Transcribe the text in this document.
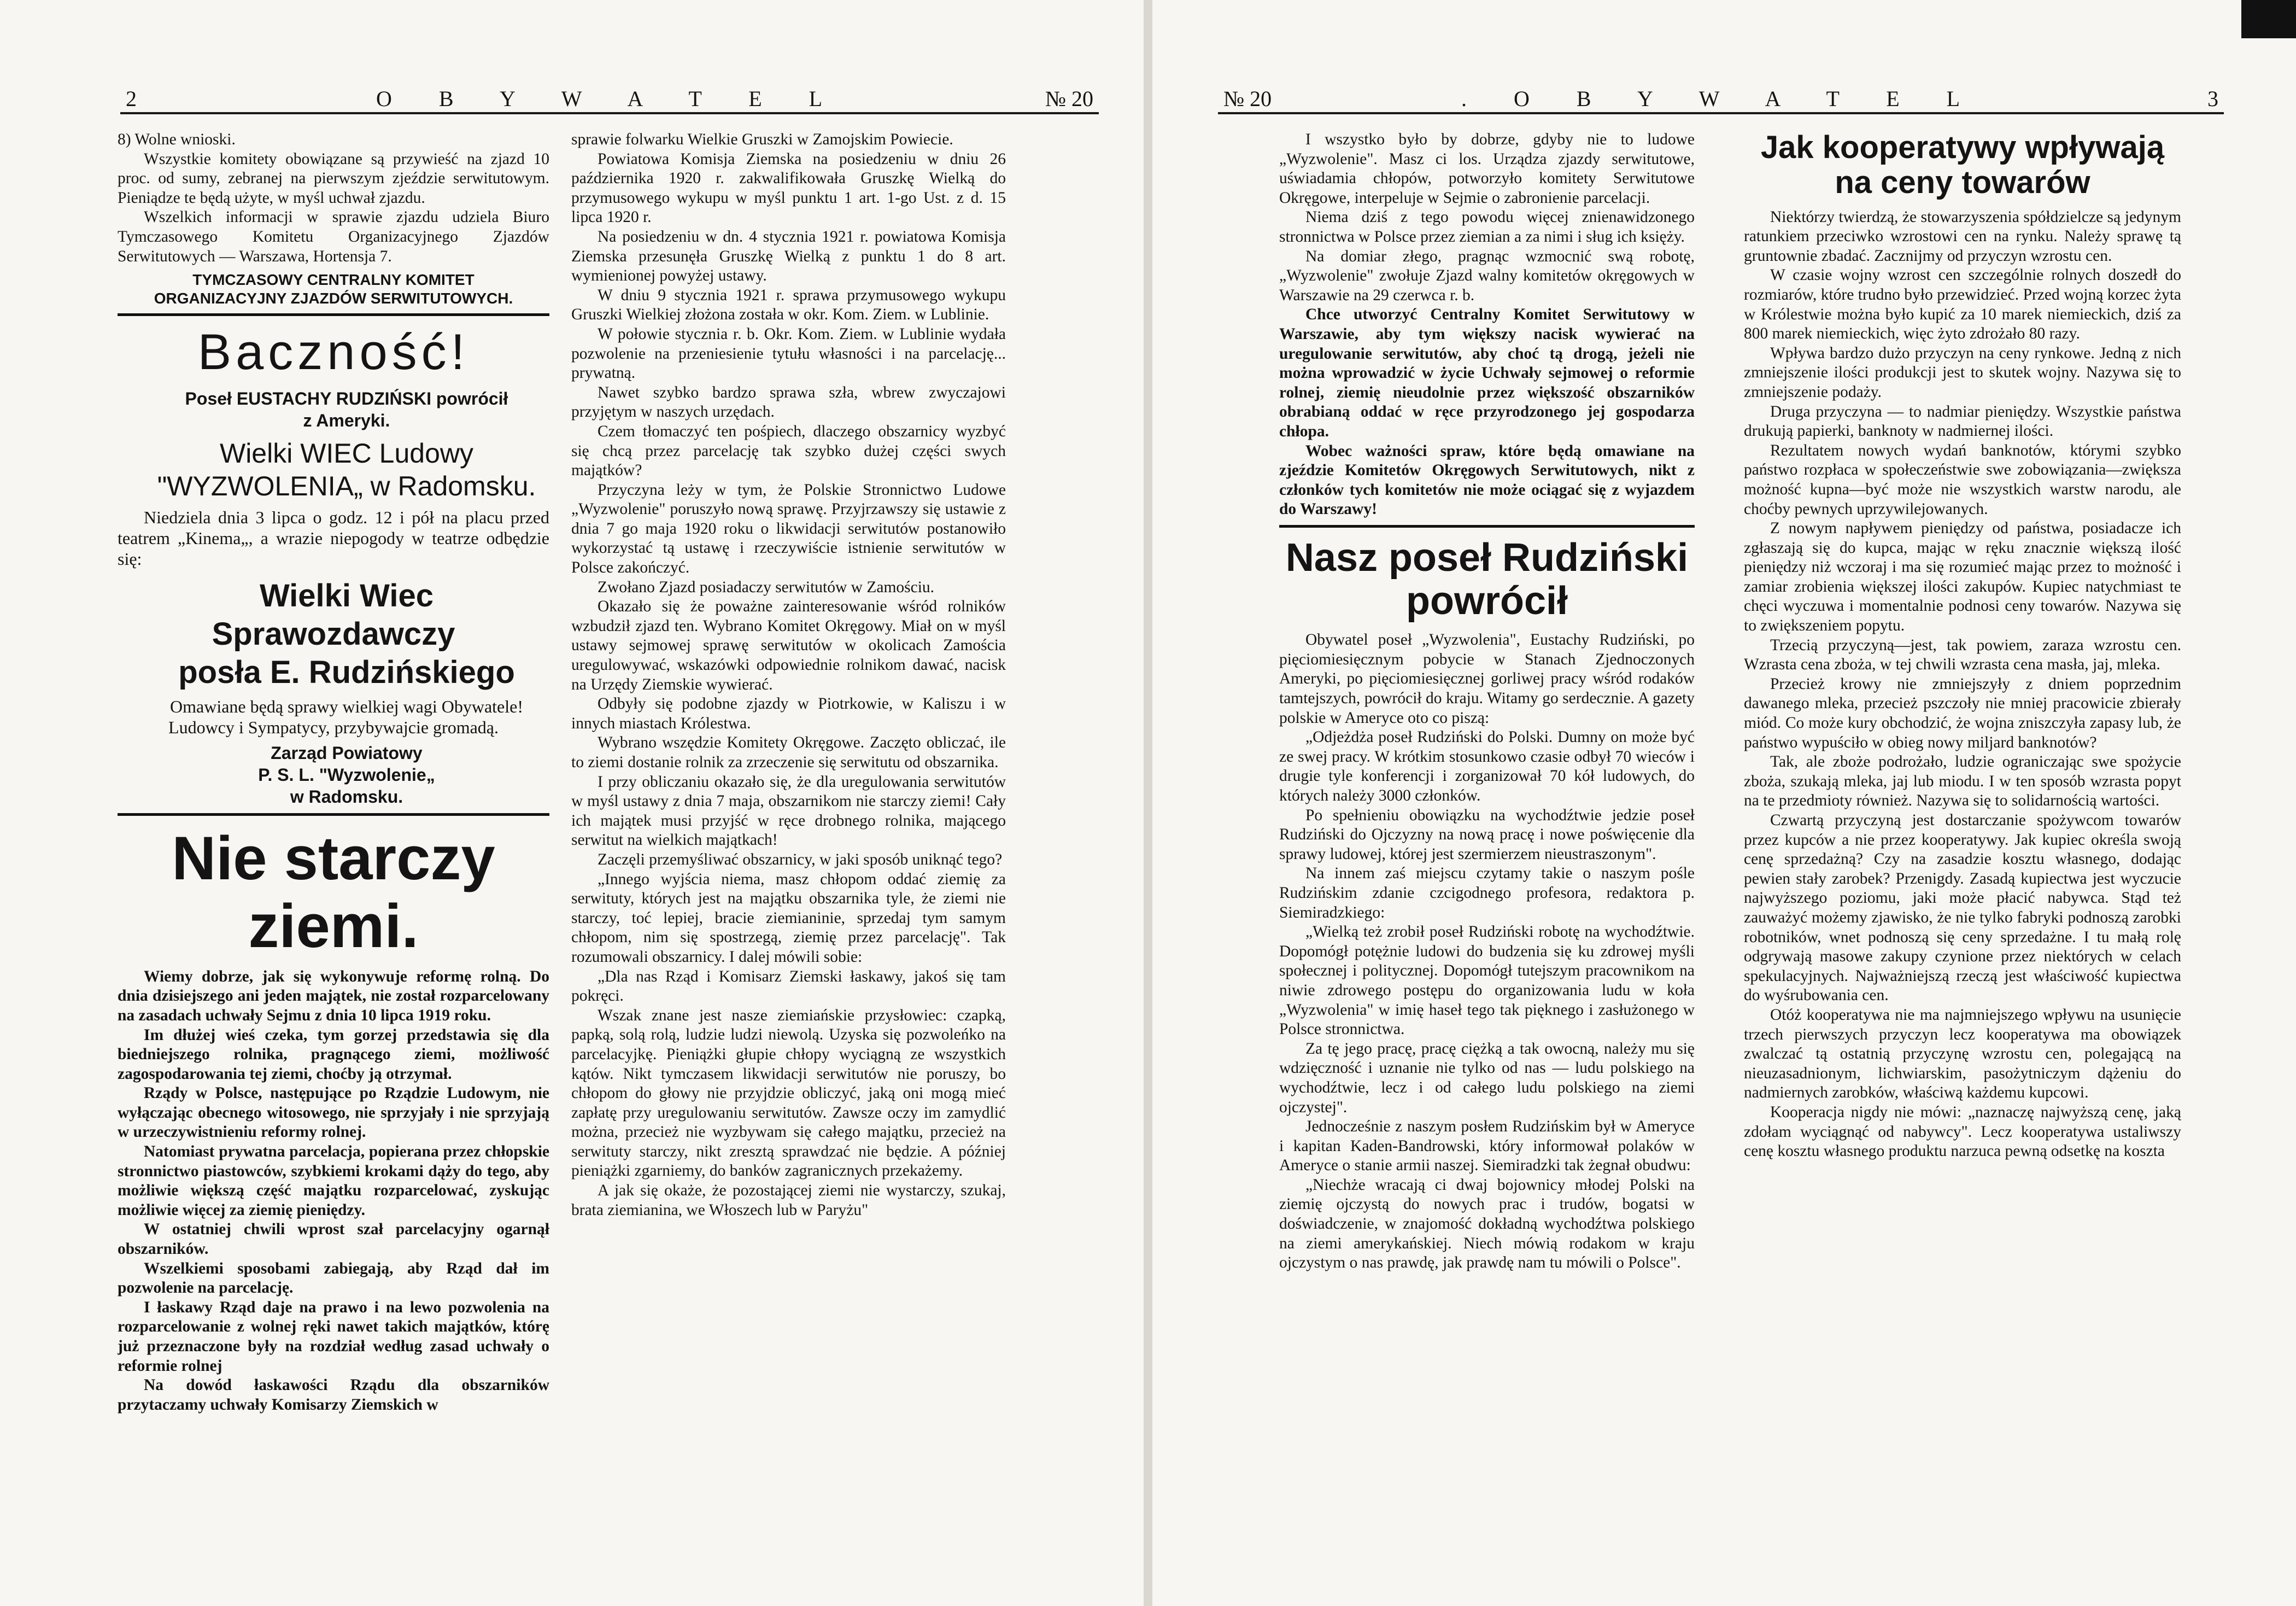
2	O B Y W A T E L	№ 20

8) Wolne wnioski.

Wszystkie komitety obowiązane są przywieść na zjazd 10 proc. od sumy, zebranej na pierwszym zjeździe serwitutowym. Pieniądze te będą użyte, w myśl uchwał zjazdu.

Wszelkich informacji w sprawie zjazdu udziela Biuro Tymczasowego Komitetu Organizacyjnego Zjazdów Serwitutowych — Warszawa, Hortensja 7.

TYMCZASOWY CENTRALNY KOMITET
ORGANIZACYJNY ZJAZDÓW SERWITUTOWYCH.
Baczność!

Poseł EUSTACHY RUDZIŃSKI powrócił

z Ameryki.

Wielki WIEC Ludowy

"WYZWOLENIA„ w Radomsku.

Niedziela dnia 3 lipca o godz. 12 i pół na placu przed teatrem „Kinema„, a wrazie niepogody w teatrze odbędzie się:

Wielki Wiec Sprawozdawczy

posła E. Rudzińskiego

Omawiane będą sprawy wielkiej wagi Obywatele! Ludowcy i Sympatycy, przybywajcie gromadą.

Zarząd Powiatowy

P. S. L. "Wyzwolenie„

w Radomsku.

Nie starczy ziemi.

Wiemy dobrze, jak się wykonywuje reformę rolną. Do dnia dzisiejszego ani jeden majątek, nie został rozparcelowany na zasadach uchwały Sejmu z dnia 10 lipca 1919 roku.

Im dłużej wieś czeka, tym gorzej przedstawia się dla biedniejszego rolnika, pragnącego ziemi, możliwość zagospodarowania tej ziemi, choćby ją otrzymał.

Rządy w Polsce, następujące po Rządzie Ludowym, nie wyłączając obecnego witosowego, nie sprzyjały i nie sprzyjają w urzeczywistnieniu reformy rolnej.

Natomiast prywatna parcelacja, popierana przez chłopskie stronnictwo piastowców, szybkiemi krokami dąży do tego, aby możliwie większą część majątku rozparcelować, zyskując możliwie więcej za ziemię pieniędzy.

W ostatniej chwili wprost szał parcelacyjny ogarnął obszarników.

Wszelkiemi sposobami zabiegają, aby Rząd dał im pozwolenie na parcelację.

I łaskawy Rząd daje na prawo i na lewo pozwolenia na rozparcelowanie z wolnej ręki nawet takich majątków, którę już przeznaczone były na rozdział według zasad uchwały o reformie rolnej

Na dowód łaskawości Rządu dla obszarników przytaczamy uchwały Komisarzy Ziemskich w

sprawie folwarku Wielkie Gruszki w Zamojskim Powiecie.

Powiatowa Komisja Ziemska na posiedzeniu w dniu 26 października 1920 r. zakwalifikowała Gruszkę Wielką do przymusowego wykupu w myśl punktu 1 art. 1-go Ust. z d. 15 lipca 1920 r.

Na posiedzeniu w dn. 4 stycznia 1921 r. powiatowa Komisja Ziemska przesunęła Gruszkę Wielką z punktu 1 do 8 art. wymienionej powyżej ustawy.

W dniu 9 stycznia 1921 r. sprawa przymusowego wykupu Gruszki Wielkiej złożona została w okr. Kom. Ziem. w Lublinie.

W połowie stycznia r. b. Okr. Kom. Ziem. w Lublinie wydała pozwolenie na przeniesienie tytułu własności i na parcelację... prywatną.

Nawet szybko bardzo sprawa szła, wbrew zwyczajowi przyjętym w naszych urzędach.

Czem tłomaczyć ten pośpiech, dlaczego obszarnicy wyzbyć się chcą przez parcelację tak szybko dużej części swych majątków?

Przyczyna leży w tym, że Polskie Stronnictwo Ludowe „Wyzwolenie" poruszyło nową sprawę. Przyjrzawszy się ustawie z dnia 7 go maja 1920 roku o likwidacji serwitutów postanowiło wykorzystać tą ustawę i rzeczywiście istnienie serwitutów w Polsce zakończyć.

Zwołano Zjazd posiadaczy serwitutów w Zamościu.

Okazało się że poważne zainteresowanie wśród rolników wzbudził zjazd ten. Wybrano Komitet Okręgowy. Miał on w myśl ustawy sejmowej sprawę serwitutów w okolicach Zamościa uregulowywać, wskazówki odpowiednie rolnikom dawać, nacisk na Urzędy Ziemskie wywierać.

Odbyły się podobne zjazdy w Piotrkowie, w Kaliszu i w innych miastach Królestwa.

Wybrano wszędzie Komitety Okręgowe. Zaczęto obliczać, ile to ziemi dostanie rolnik za zrzeczenie się serwitutu od obszarnika.

I przy obliczaniu okazało się, że dla uregulowania serwitutów w myśl ustawy z dnia 7 maja, obszarnikom nie starczy ziemi! Cały ich majątek musi przyjść w ręce drobnego rolnika, mającego serwitut na wielkich majątkach!

Zaczęli przemyśliwać obszarnicy, w jaki sposób uniknąć tego?

„Innego wyjścia niema, masz chłopom oddać ziemię za serwituty, których jest na majątku obszarnika tyle, że ziemi nie starczy, toć lepiej, bracie ziemianinie, sprzedaj tym samym chłopom, nim się spostrzegą, ziemię przez parcelację". Tak rozumowali obszarnicy. I dalej mówili sobie:

„Dla nas Rząd i Komisarz Ziemski łaskawy, jakoś się tam pokręci.

Wszak znane jest nasze ziemiańskie przysłowiec: czapką, papką, solą rolą, ludzie ludzi niewolą. Uzyska się pozwoleńko na parcelacyjkę. Pieniążki głupie chłopy wyciągną ze wszystkich kątów. Nikt tymczasem likwidacji serwitutów nie poruszy, bo chłopom do głowy nie przyjdzie obliczyć, jaką oni mogą mieć zapłatę przy uregulowaniu serwitutów. Zawsze oczy im zamydlić można, przecież nie wyzbywam się całego majątku, przecież na serwituty starczy, nikt zresztą sprawdzać nie będzie. A później pieniążki zgarniemy, do banków zagranicznych przekażemy.

A jak się okaże, że pozostającej ziemi nie wystarczy, szukaj, brata ziemianina, we Włoszech lub w Paryżu"

№ 20	. O B Y W A T E L	3

I wszystko było by dobrze, gdyby nie to ludowe „Wyzwolenie". Masz ci los. Urządza zjazdy serwitutowe, uświadamia chłopów, potworzyło komitety Serwitutowe Okręgowe, interpeluje w Sejmie o zabronienie parcelacji.

Niema dziś z tego powodu więcej znienawidzonego stronnictwa w Polsce przez ziemian a za nimi i sług ich księży.

Na domiar złego, pragnąc wzmocnić swą robotę, „Wyzwolenie" zwołuje Zjazd walny komitetów okręgowych w Warszawie na 29 czerwca r. b.

Chce utworzyć Centralny Komitet Serwitutowy w Warszawie, aby tym większy nacisk wywierać na uregulowanie serwitutów, aby choć tą drogą, jeżeli nie można wprowadzić w życie Uchwały sejmowej o reformie rolnej, ziemię nieudolnie przez większość obszarników obrabianą oddać w ręce przyrodzonego jej gospodarza chłopa.

Wobec ważności spraw, które będą omawiane na zjeździe Komitetów Okręgowych Serwitutowych, nikt z członków tych komitetów nie może ociągać się z wyjazdem do Warszawy!

Nasz poseł Rudziński powrócił

Obywatel poseł „Wyzwolenia", Eustachy Rudziński, po pięciomiesięcznym pobycie w Stanach Zjednoczonych Ameryki, po pięciomiesięcznej gorliwej pracy wśród rodaków tamtejszych, powrócił do kraju. Witamy go serdecznie. A gazety polskie w Ameryce oto co piszą:

„Odjeżdża poseł Rudziński do Polski. Dumny on może być ze swej pracy. W krótkim stosunkowo czasie odbył 70 wieców i drugie tyle konferencji i zorganizował 70 kół ludowych, do których należy 3000 członków.

Po spełnieniu obowiązku na wychodźtwie jedzie poseł Rudziński do Ojczyzny na nową pracę i nowe poświęcenie dla sprawy ludowej, której jest szermierzem nieustraszonym".

Na innem zaś miejscu czytamy takie o naszym pośle Rudzińskim zdanie czcigodnego profesora, redaktora p. Siemiradzkiego:

„Wielką też zrobił poseł Rudziński robotę na wychodźtwie. Dopomógł potężnie ludowi do budzenia się ku zdrowej myśli społecznej i politycznej. Dopomógł tutejszym pracownikom na niwie zdrowego postępu do organizowania ludu w koła „Wyzwolenia" w imię haseł tego tak pięknego i zasłużonego w Polsce stronnictwa.

Za tę jego pracę, pracę ciężką a tak owocną, należy mu się wdzięczność i uznanie nie tylko od nas — ludu polskiego na wychodźtwie, lecz i od całego ludu polskiego na ziemi ojczystej".

Jednocześnie z naszym posłem Rudzińskim był w Ameryce i kapitan Kaden-Bandrowski, który informował polaków w Ameryce o stanie armii naszej. Siemiradzki tak żegnał obudwu:

„Niechże wracają ci dwaj bojownicy młodej Polski na ziemię ojczystą do nowych prac i trudów, bogatsi w doświadczenie, w znajomość dokładną wychodźtwa polskiego na ziemi amerykańskiej. Niech mówią rodakom w kraju ojczystym o nas prawdę, jak prawdę nam tu mówili o Polsce".

Jak kooperatywy wpływają na ceny towarów

Niektórzy twierdzą, że stowarzyszenia spółdzielcze są jedynym ratunkiem przeciwko wzrostowi cen na rynku. Należy sprawę tą gruntownie zbadać. Zacznijmy od przyczyn wzrostu cen.

W czasie wojny wzrost cen szczególnie rolnych doszedł do rozmiarów, które trudno było przewidzieć. Przed wojną korzec żyta w Królestwie można było kupić za 10 marek niemieckich, dziś za 800 marek niemieckich, więc żyto zdrożało 80 razy.

Wpływa bardzo dużo przyczyn na ceny rynkowe. Jedną z nich zmniejszenie ilości produkcji jest to skutek wojny. Nazywa się to zmniejszenie podaży.

Druga przyczyna — to nadmiar pieniędzy. Wszystkie państwa drukują papierki, banknoty w nadmiernej ilości.

Rezultatem nowych wydań banknotów, którymi szybko państwo rozpłaca w społeczeństwie swe zobowiązania—zwiększa możność kupna—być może nie wszystkich warstw narodu, ale choćby pewnych uprzywilejowanych.

Z nowym napływem pieniędzy od państwa, posiadacze ich zgłaszają się do kupca, mając w ręku znacznie większą ilość pieniędzy niż wczoraj i ma się rozumieć mając przez to możność i zamiar zrobienia większej ilości zakupów. Kupiec natychmiast te chęci wyczuwa i momentalnie podnosi ceny towarów. Nazywa się to zwiększeniem popytu.

Trzecią przyczyną—jest, tak powiem, zaraza wzrostu cen. Wzrasta cena zboża, w tej chwili wzrasta cena masła, jaj, mleka.

Przecież krowy nie zmniejszyły z dniem poprzednim dawanego mleka, przecież pszczoły nie mniej pracowicie zbierały miód. Co może kury obchodzić, że wojna zniszczyła zapasy lub, że państwo wypuściło w obieg nowy miljard banknotów?

Tak, ale zboże podrożało, ludzie ograniczając swe spożycie zboża, szukają mleka, jaj lub miodu. I w ten sposób wzrasta popyt na te przedmioty również. Nazywa się to solidarnością wartości.

Czwartą przyczyną jest dostarczanie spożywcom towarów przez kupców a nie przez kooperatywy. Jak kupiec określa swoją cenę sprzedażną? Czy na zasadzie kosztu własnego, dodając pewien stały zarobek? Przenigdy. Zasadą kupiectwa jest wyczucie najwyższego poziomu, jaki może płacić nabywca. Stąd też zauważyć możemy zjawisko, że nie tylko fabryki podnoszą zarobki robotników, wnet podnoszą się ceny sprzedażne. I tu małą rolę odgrywają masowe zakupy czynione przez niektórych w celach spekulacyjnych. Najważniejszą rzeczą jest właściwość kupiectwa do wyśrubowania cen.

Otóż kooperatywa nie ma najmniejszego wpływu na usunięcie trzech pierwszych przyczyn lecz kooperatywa ma obowiązek zwalczać tą ostatnią przyczynę wzrostu cen, polegającą na nieuzasadnionym, lichwiarskim, pasożytniczym dążeniu do nadmiernych zarobków, właściwą każdemu kupcowi.

Kooperacja nigdy nie mówi: „naznaczę najwyższą cenę, jaką zdołam wyciągnąć od nabywcy". Lecz kooperatywa ustaliwszy cenę kosztu własnego produktu narzuca pewną odsetkę na koszta
